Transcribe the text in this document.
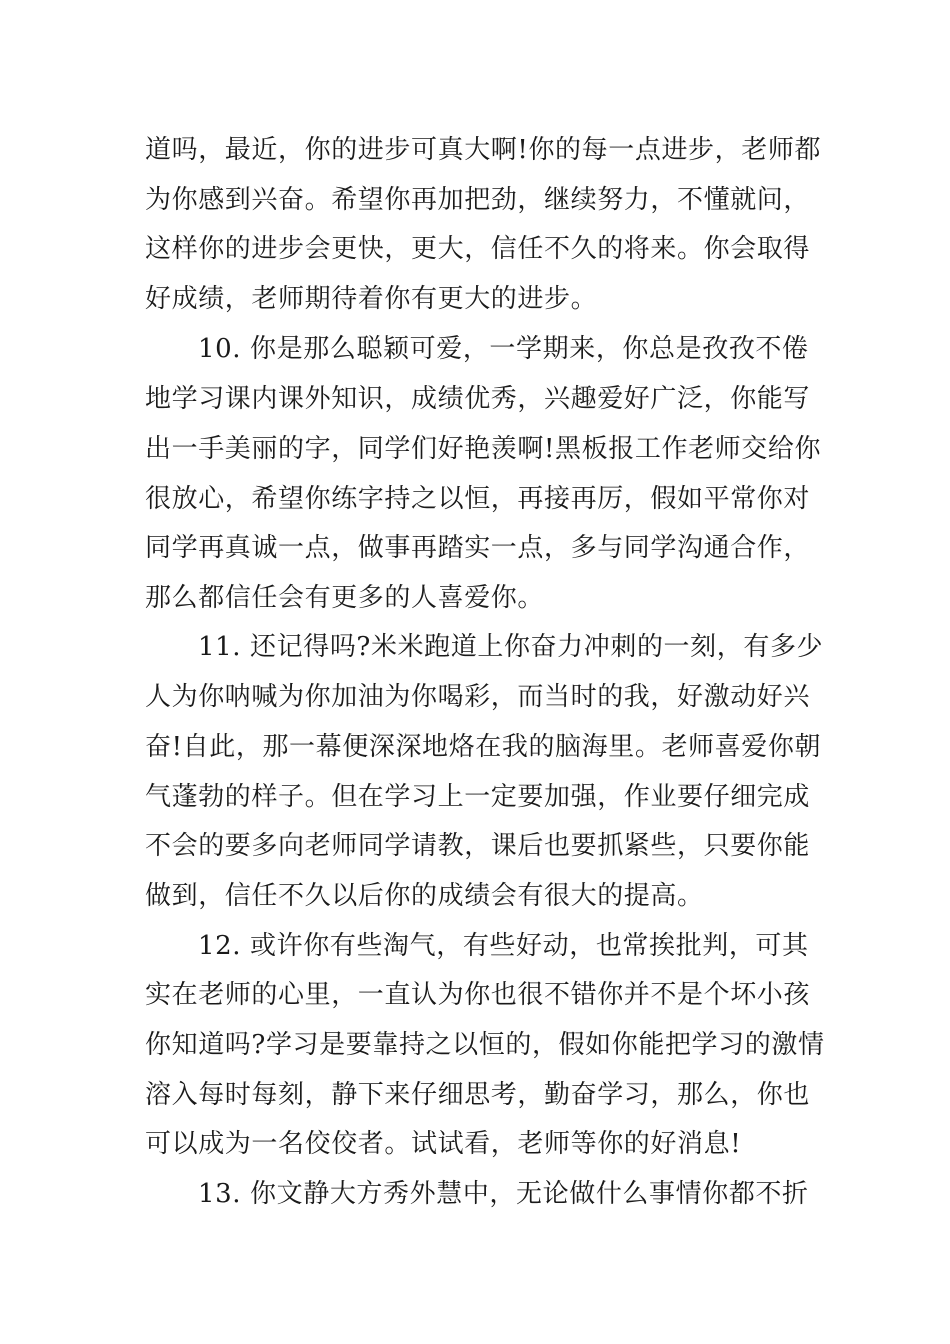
道吗，最近，你的进步可真大啊!你的每一点进步，老师都
为你感到兴奋。希望你再加把劲，继续努力，不懂就问，
这样你的进步会更快，更大，信任不久的将来。你会取得
好成绩，老师期待着你有更大的进步。
10. 你是那么聪颖可爱，一学期来，你总是孜孜不倦
地学习课内课外知识，成绩优秀，兴趣爱好广泛，你能写
出一手美丽的字，同学们好艳羡啊!黑板报工作老师交给你
很放心，希望你练字持之以恒，再接再厉，假如平常你对
同学再真诚一点，做事再踏实一点，多与同学沟通合作，
那么都信任会有更多的人喜爱你。
11. 还记得吗?米米跑道上你奋力冲刺的一刻，有多少
人为你呐喊为你加油为你喝彩，而当时的我，好激动好兴
奋!自此，那一幕便深深地烙在我的脑海里。老师喜爱你朝
气蓬勃的样子。但在学习上一定要加强，作业要仔细完成
不会的要多向老师同学请教，课后也要抓紧些，只要你能
做到，信任不久以后你的成绩会有很大的提高。
12. 或许你有些淘气，有些好动，也常挨批判，可其
实在老师的心里，一直认为你也很不错你并不是个坏小孩
你知道吗?学习是要靠持之以恒的，假如你能把学习的激情
溶入每时每刻，静下来仔细思考，勤奋学习，那么，你也
可以成为一名佼佼者。试试看，老师等你的好消息!
13. 你文静大方秀外慧中，无论做什么事情你都不折
